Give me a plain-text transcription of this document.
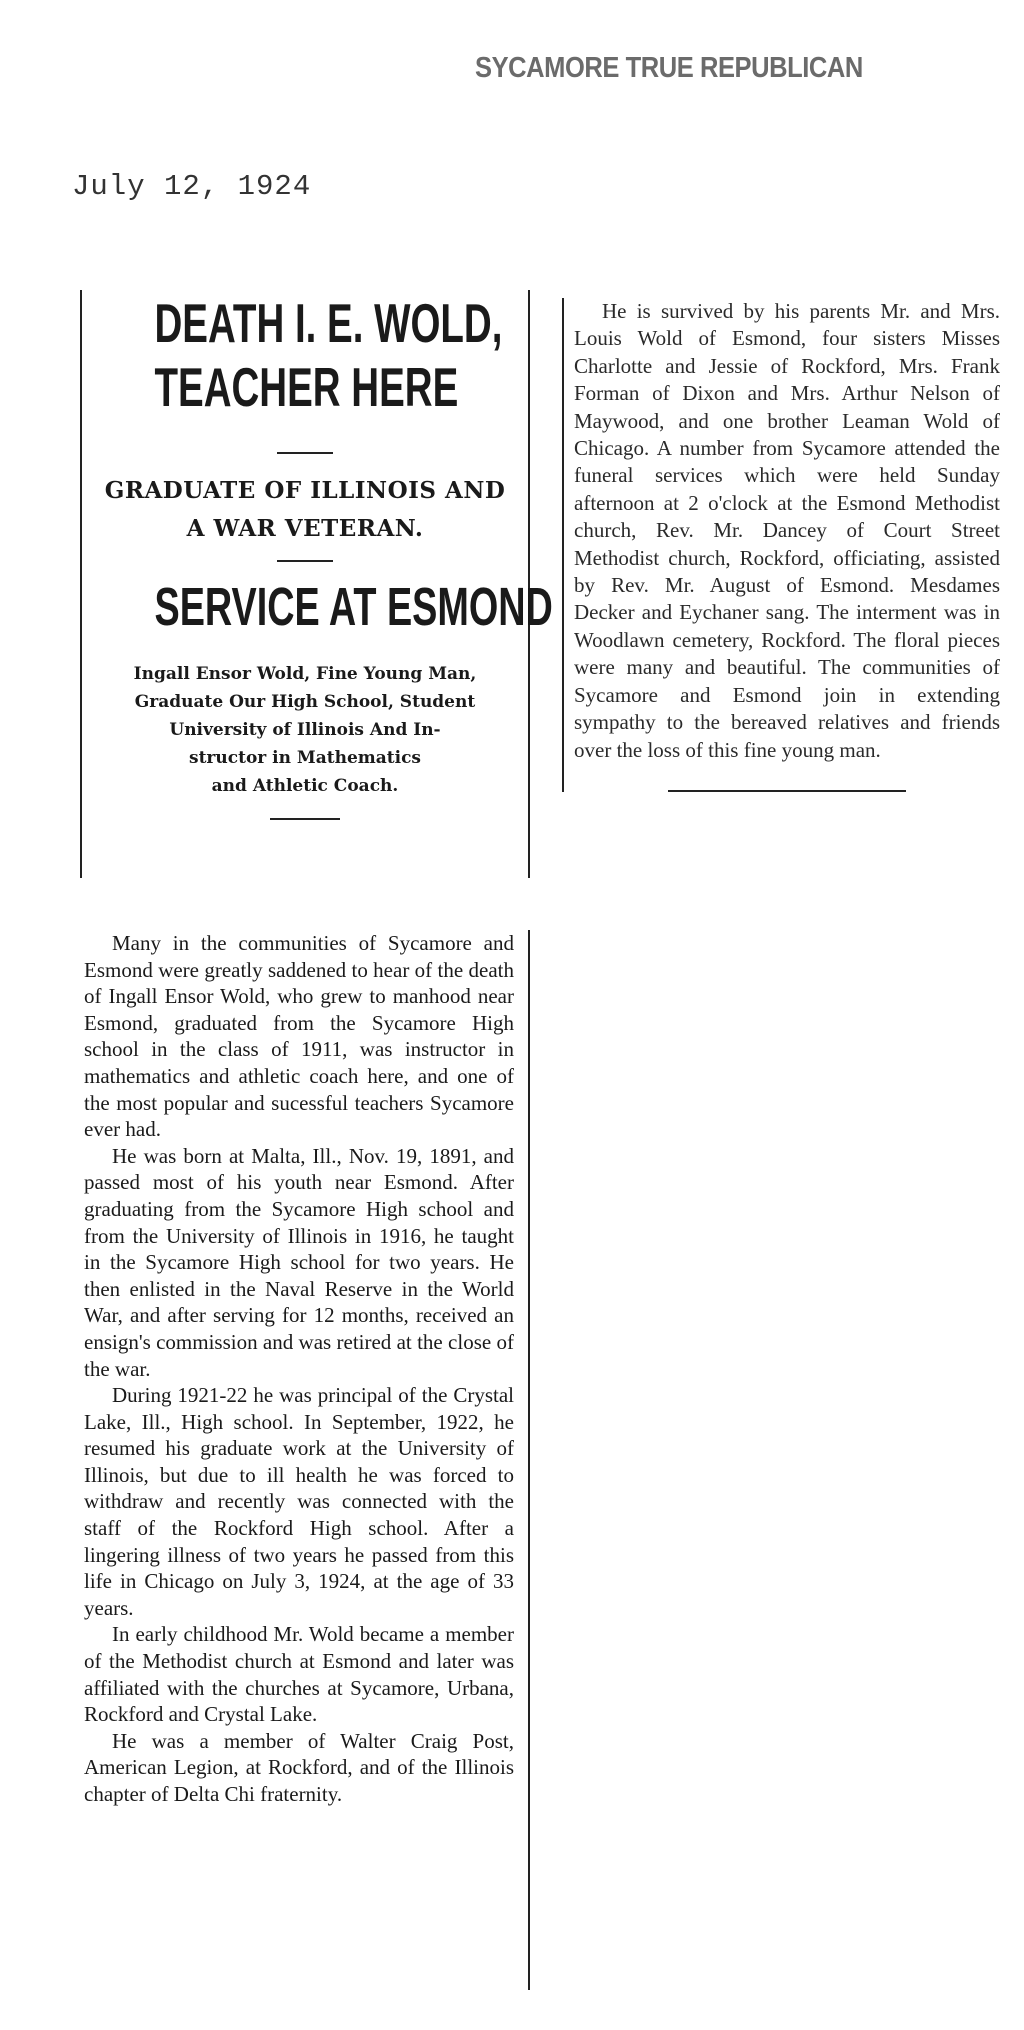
SYCAMORE TRUE REPUBLICAN
July 12, 1924
DEATH I. E. WOLD,
TEACHER HERE
GRADUATE OF ILLINOIS AND
A WAR VETERAN.
SERVICE AT ESMOND
Ingall Ensor Wold, Fine Young Man,
Graduate Our High School, Student
University of Illinois And In-
structor in Mathematics
and Athletic Coach.

Many in the communities of Sycamore and Esmond were greatly saddened to hear of the death of Ingall Ensor Wold, who grew to manhood near Esmond, graduated from the Sycamore High school in the class of 1911, was instructor in mathematics and athletic coach here, and one of the most popular and sucessful teachers Sycamore ever had.

He was born at Malta, Ill., Nov. 19, 1891, and passed most of his youth near Esmond. After graduating from the Sycamore High school and from the University of Illinois in 1916, he taught in the Sycamore High school for two years. He then enlisted in the Naval Reserve in the World War, and after serving for 12 months, received an ensign's commission and was retired at the close of the war.

During 1921-22 he was principal of the Crystal Lake, Ill., High school. In September, 1922, he resumed his graduate work at the University of Illinois, but due to ill health he was forced to withdraw and recently was connected with the staff of the Rockford High school. After a lingering illness of two years he passed from this life in Chicago on July 3, 1924, at the age of 33 years.

In early childhood Mr. Wold became a member of the Methodist church at Esmond and later was affiliated with the churches at Sycamore, Urbana, Rockford and Crystal Lake.

He was a member of Walter Craig Post, American Legion, at Rockford, and of the Illinois chapter of Delta Chi fraternity.

He is survived by his parents Mr. and Mrs. Louis Wold of Esmond, four sisters Misses Charlotte and Jessie of Rockford, Mrs. Frank Forman of Dixon and Mrs. Arthur Nelson of Maywood, and one brother Leaman Wold of Chicago. A number from Sycamore attended the funeral services which were held Sunday afternoon at 2 o'clock at the Esmond Methodist church, Rev. Mr. Dancey of Court Street Methodist church, Rockford, officiating, assisted by Rev. Mr. August of Esmond. Mesdames Decker and Eychaner sang. The interment was in Woodlawn cemetery, Rockford. The floral pieces were many and beautiful. The communities of Sycamore and Esmond join in extending sympathy to the bereaved relatives and friends over the loss of this fine young man.
